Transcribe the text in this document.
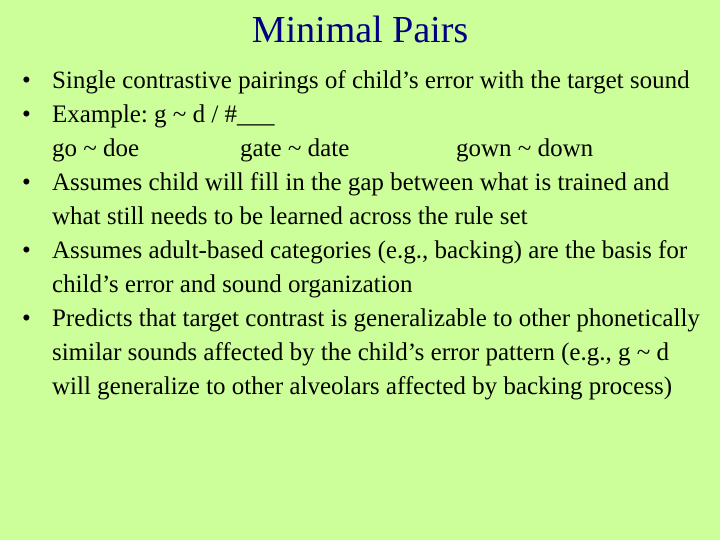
Minimal Pairs
• Single contrastive pairings of child’s error with the target sound
• Example: g ~ d / #___
go ~ doe	gate ~ date	gown ~ down
• Assumes child will fill in the gap between what is trained and what still needs to be learned across the rule set
• Assumes adult-based categories (e.g., backing) are the basis for child’s error and sound organization
• Predicts that target contrast is generalizable to other phonetically similar sounds affected by the child’s error pattern (e.g., g ~ d will generalize to other alveolars affected by backing process)
